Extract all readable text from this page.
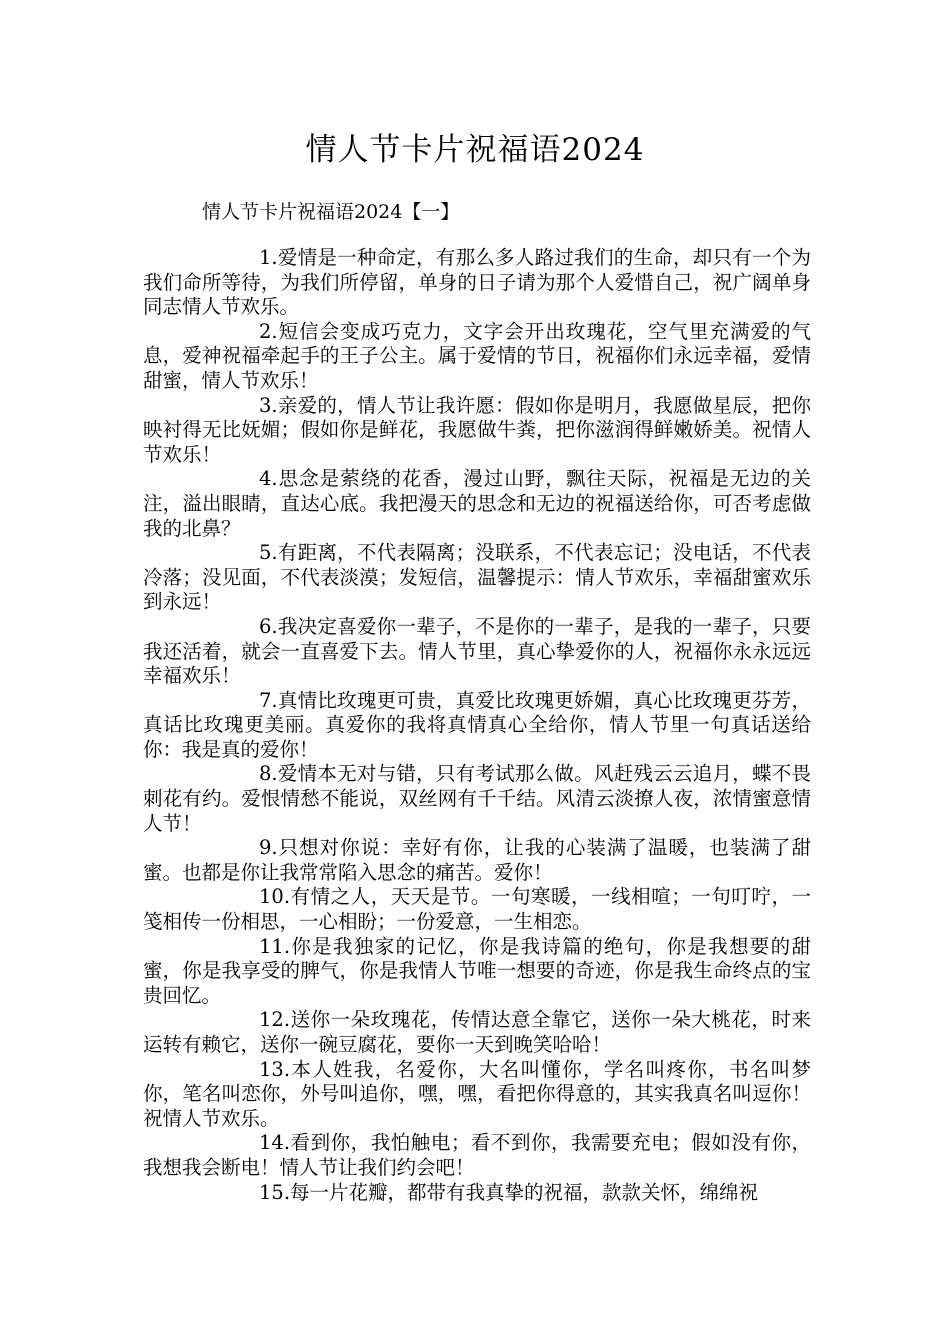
情人节卡片祝福语2024
情人节卡片祝福语2024【一】

1.爱情是一种命定，有那么多人路过我们的生命，却只有一个为我们命所等待，为我们所停留，单身的日子请为那个人爱惜自己，祝广阔单身同志情人节欢乐。

2.短信会变成巧克力，文字会开出玫瑰花，空气里充满爱的气息，爱神祝福牵起手的王子公主。属于爱情的节日，祝福你们永远幸福，爱情甜蜜，情人节欢乐！

3.亲爱的，情人节让我许愿：假如你是明月，我愿做星辰，把你映衬得无比妩媚；假如你是鲜花，我愿做牛粪，把你滋润得鲜嫩娇美。祝情人节欢乐！

4.思念是萦绕的花香，漫过山野，飘往天际，祝福是无边的关注，溢出眼睛，直达心底。我把漫天的思念和无边的祝福送给你，可否考虑做我的北鼻？

5.有距离，不代表隔离；没联系，不代表忘记；没电话，不代表冷落；没见面，不代表淡漠；发短信，温馨提示：情人节欢乐，幸福甜蜜欢乐到永远！

6.我决定喜爱你一辈子，不是你的一辈子，是我的一辈子，只要我还活着，就会一直喜爱下去。情人节里，真心挚爱你的人，祝福你永永远远幸福欢乐！

7.真情比玫瑰更可贵，真爱比玫瑰更娇媚，真心比玫瑰更芬芳，真话比玫瑰更美丽。真爱你的我将真情真心全给你，情人节里一句真话送给你：我是真的爱你！

8.爱情本无对与错，只有考试那么做。风赶残云云追月，蝶不畏刺花有约。爱恨情愁不能说，双丝网有千千结。风清云淡撩人夜，浓情蜜意情人节！

9.只想对你说：幸好有你，让我的心装满了温暖，也装满了甜蜜。也都是你让我常常陷入思念的痛苦。爱你！

10.有情之人，天天是节。一句寒暖，一线相喧；一句叮咛，一笺相传一份相思，一心相盼；一份爱意，一生相恋。

11.你是我独家的记忆，你是我诗篇的绝句，你是我想要的甜蜜，你是我享受的脾气，你是我情人节唯一想要的奇迹，你是我生命终点的宝贵回忆。

12.送你一朵玫瑰花，传情达意全靠它，送你一朵大桃花，时来运转有赖它，送你一碗豆腐花，要你一天到晚笑哈哈！

13.本人姓我，名爱你，大名叫懂你，学名叫疼你，书名叫梦你，笔名叫恋你，外号叫追你，嘿，嘿，看把你得意的，其实我真名叫逗你！祝情人节欢乐。

14.看到你，我怕触电；看不到你，我需要充电；假如没有你，我想我会断电！情人节让我们约会吧！

15.每一片花瓣，都带有我真挚的祝福，款款关怀，绵绵祝
